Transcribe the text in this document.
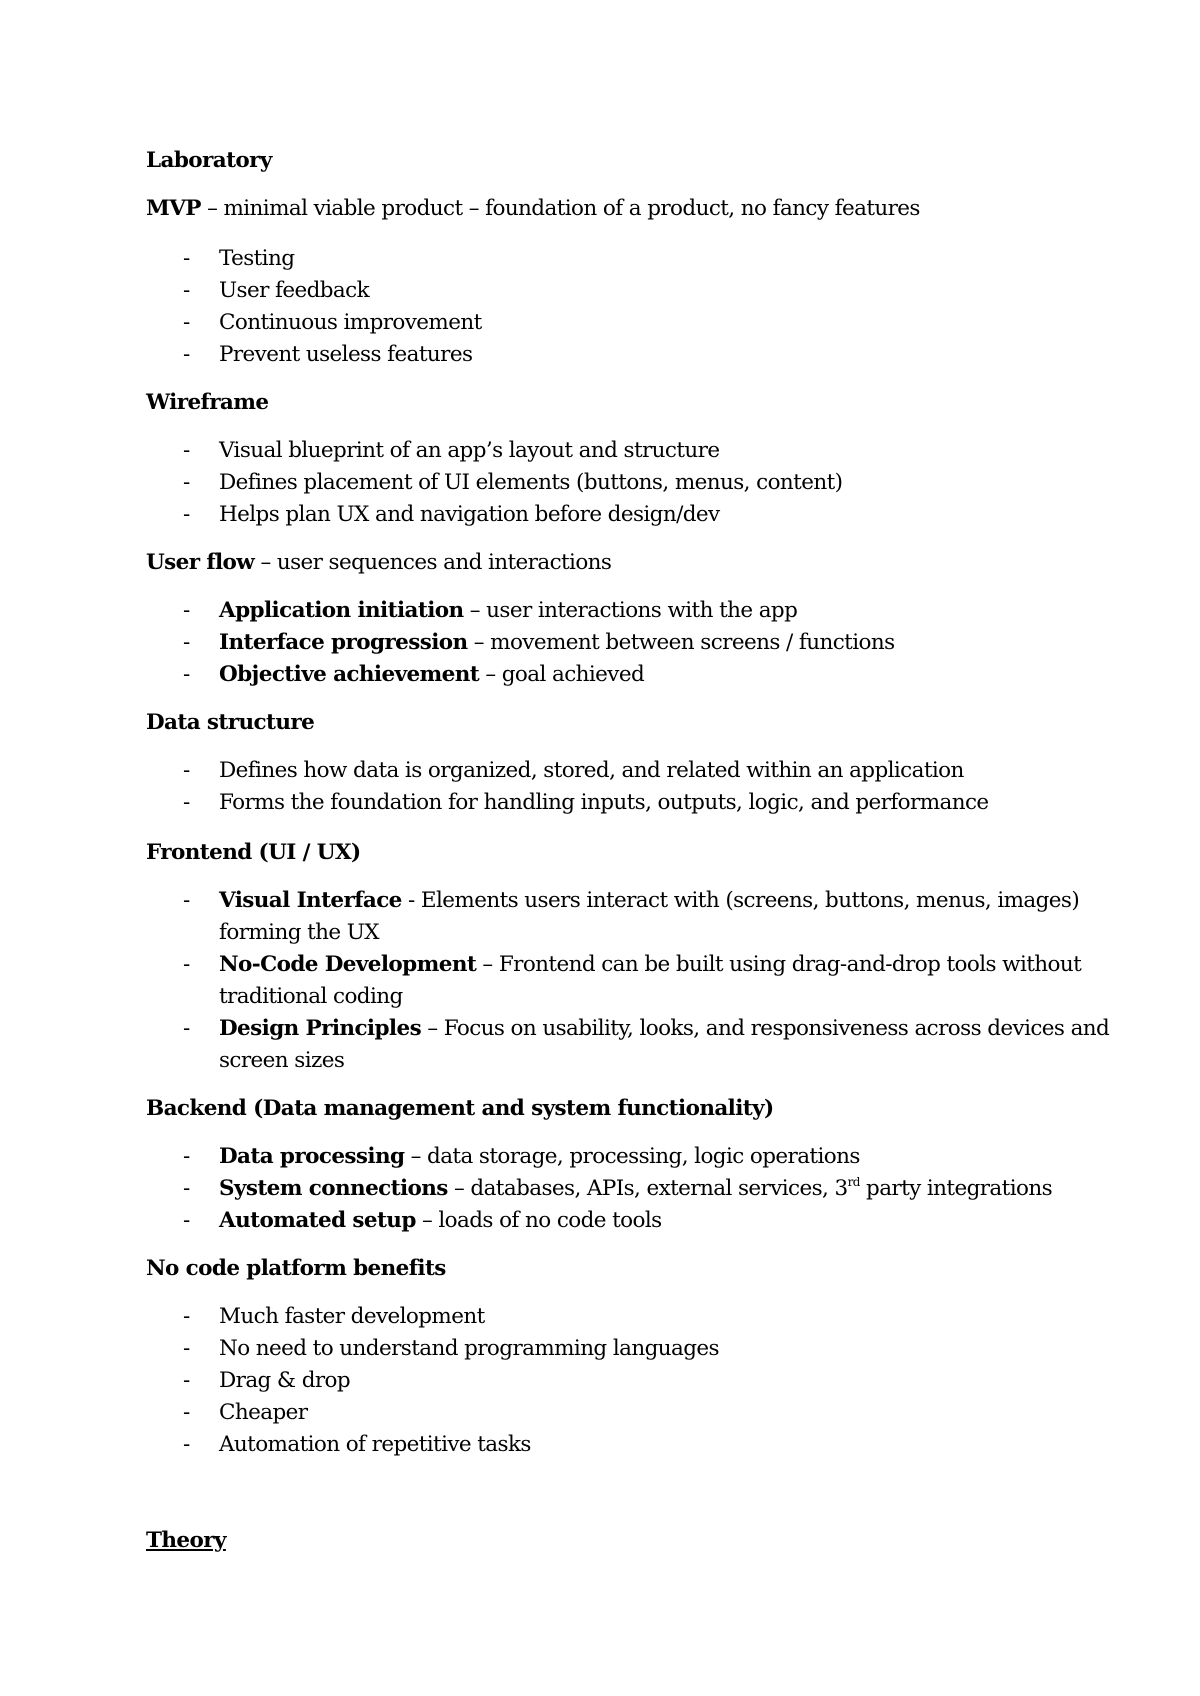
Laboratory
MVP – minimal viable product – foundation of a product, no fancy features
- Testing
- User feedback
- Continuous improvement
- Prevent useless features
Wireframe
- Visual blueprint of an app’s layout and structure
- Defines placement of UI elements (buttons, menus, content)
- Helps plan UX and navigation before design/dev
User flow – user sequences and interactions
- Application initiation – user interactions with the app
- Interface progression – movement between screens / functions
- Objective achievement – goal achieved
Data structure
- Defines how data is organized, stored, and related within an application
- Forms the foundation for handling inputs, outputs, logic, and performance
Frontend (UI / UX)
- Visual Interface - Elements users interact with (screens, buttons, menus, images)
forming the UX
- No-Code Development – Frontend can be built using drag-and-drop tools without
traditional coding
- Design Principles – Focus on usability, looks, and responsiveness across devices and
screen sizes
Backend (Data management and system functionality)
- Data processing – data storage, processing, logic operations
- System connections – databases, APIs, external services, 3rd party integrations
- Automated setup – loads of no code tools
No code platform benefits
- Much faster development
- No need to understand programming languages
- Drag & drop
- Cheaper
- Automation of repetitive tasks
Theory
